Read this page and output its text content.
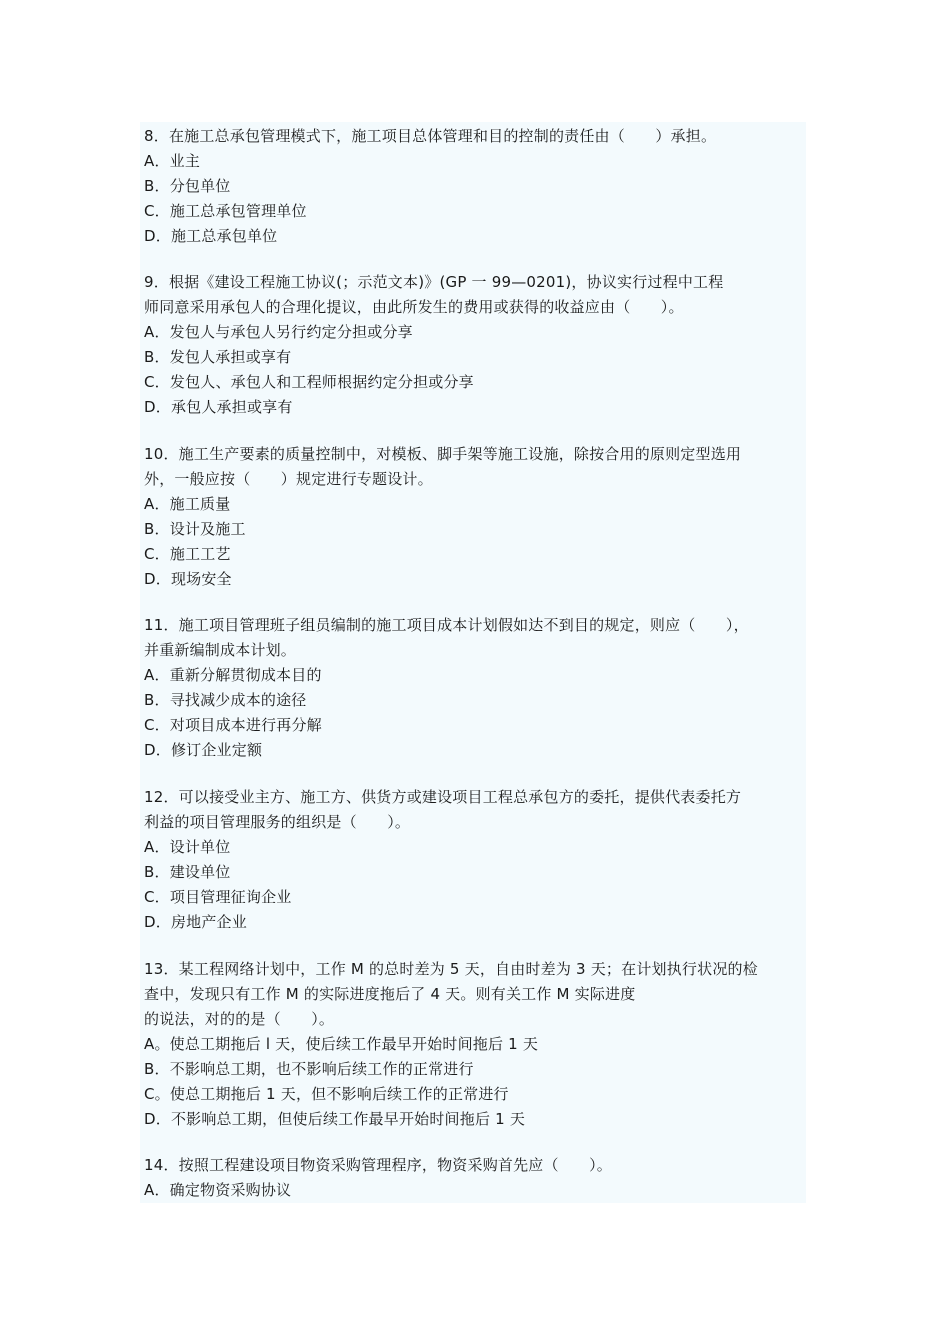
8．在施工总承包管理模式下，施工项目总体管理和目的控制的责任由（　　）承担。
A．业主
B．分包单位
C．施工总承包管理单位
D．施工总承包单位
9．根据《建设工程施工协议(；示范文本)》(GP 一 99—0201)，协议实行过程中工程
师同意采用承包人的合理化提议，由此所发生的费用或获得的收益应由（　　）。
A．发包人与承包人另行约定分担或分享
B．发包人承担或享有
C．发包人、承包人和工程师根据约定分担或分享
D．承包人承担或享有
10．施工生产要素的质量控制中，对模板、脚手架等施工设施，除按合用的原则定型选用
外，一般应按（　　）规定进行专题设计。
A．施工质量
B．设计及施工
C．施工工艺
D．现场安全
11．施工项目管理班子组员编制的施工项目成本计划假如达不到目的规定，则应（　　），
并重新编制成本计划。
A．重新分解贯彻成本目的
B．寻找减少成本的途径
C．对项目成本进行再分解
D．修订企业定额
12．可以接受业主方、施工方、供货方或建设项目工程总承包方的委托，提供代表委托方
利益的项目管理服务的组织是（　　）。
A．设计单位
B．建设单位
C．项目管理征询企业
D．房地产企业
13．某工程网络计划中，工作 M 的总时差为 5 天，自由时差为 3 天；在计划执行状况的检
查中，发现只有工作 M 的实际进度拖后了 4 天。则有关工作 M 实际进度
的说法，对的的是（　　）。
A。使总工期拖后 l 天，使后续工作最早开始时间拖后 1 天
B．不影响总工期，也不影响后续工作的正常进行
C。使总工期拖后 1 天，但不影响后续工作的正常进行
D．不影响总工期，但使后续工作最早开始时间拖后 1 天
14．按照工程建设项目物资采购管理程序，物资采购首先应（　　）。
A．确定物资采购协议
